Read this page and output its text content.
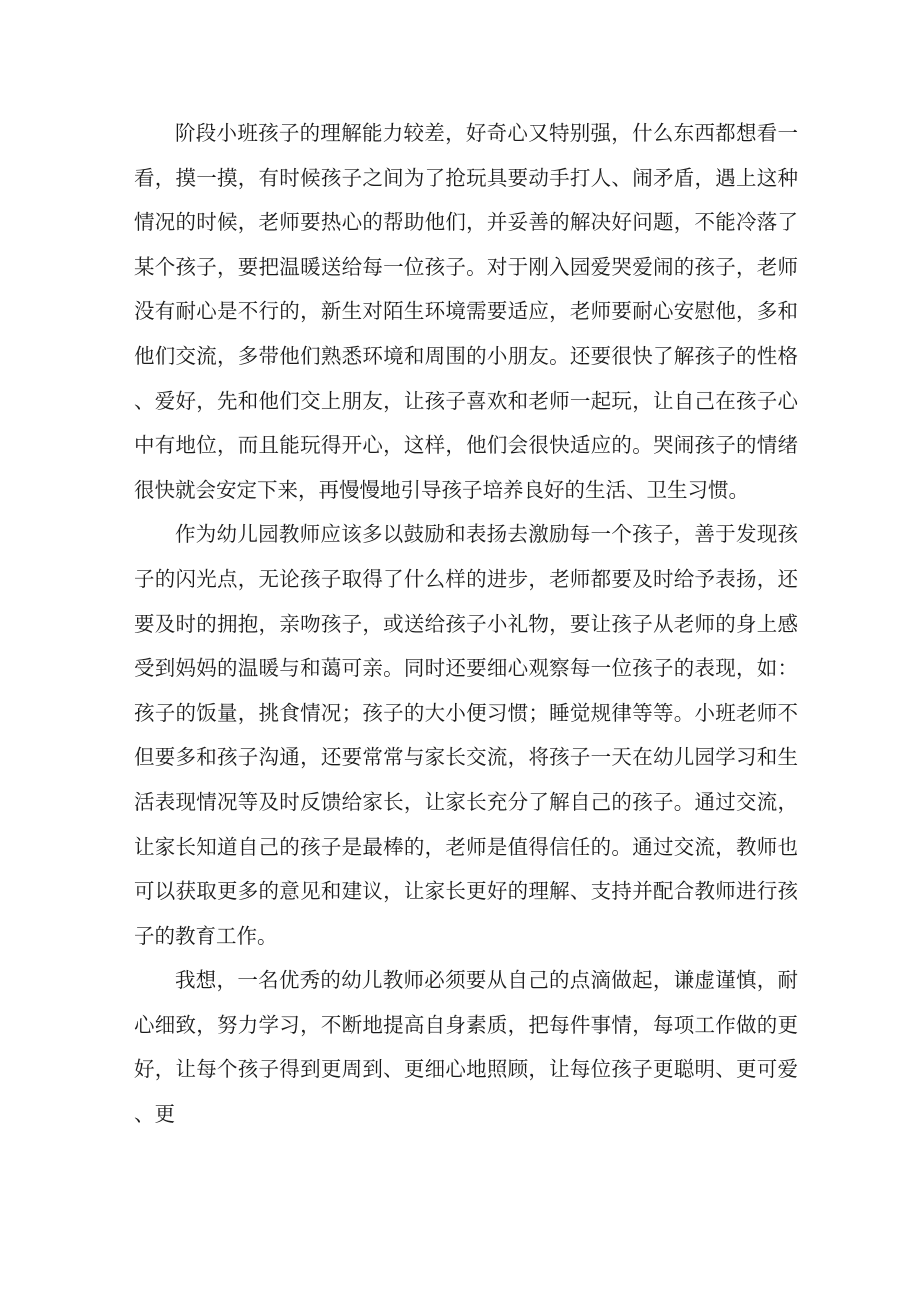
阶段小班孩子的理解能力较差，好奇心又特别强，什么东西都想看一看，摸一摸，有时候孩子之间为了抢玩具要动手打人、闹矛盾，遇上这种情况的时候，老师要热心的帮助他们，并妥善的解决好问题，不能冷落了某个孩子，要把温暖送给每一位孩子。对于刚入园爱哭爱闹的孩子，老师没有耐心是不行的，新生对陌生环境需要适应，老师要耐心安慰他，多和他们交流，多带他们熟悉环境和周围的小朋友。还要很快了解孩子的性格、爱好，先和他们交上朋友，让孩子喜欢和老师一起玩，让自己在孩子心中有地位，而且能玩得开心，这样，他们会很快适应的。哭闹孩子的情绪很快就会安定下来，再慢慢地引导孩子培养良好的生活、卫生习惯。

作为幼儿园教师应该多以鼓励和表扬去激励每一个孩子，善于发现孩子的闪光点，无论孩子取得了什么样的进步，老师都要及时给予表扬，还要及时的拥抱，亲吻孩子，或送给孩子小礼物，要让孩子从老师的身上感受到妈妈的温暖与和蔼可亲。同时还要细心观察每一位孩子的表现，如：孩子的饭量，挑食情况；孩子的大小便习惯；睡觉规律等等。小班老师不但要多和孩子沟通，还要常常与家长交流，将孩子一天在幼儿园学习和生活表现情况等及时反馈给家长，让家长充分了解自己的孩子。通过交流，让家长知道自己的孩子是最棒的，老师是值得信任的。通过交流，教师也可以获取更多的意见和建议，让家长更好的理解、支持并配合教师进行孩子的教育工作。

我想，一名优秀的幼儿教师必须要从自己的点滴做起，谦虚谨慎，耐心细致，努力学习，不断地提高自身素质，把每件事情，每项工作做的更好，让每个孩子得到更周到、更细心地照顾，让每位孩子更聪明、更可爱、更
